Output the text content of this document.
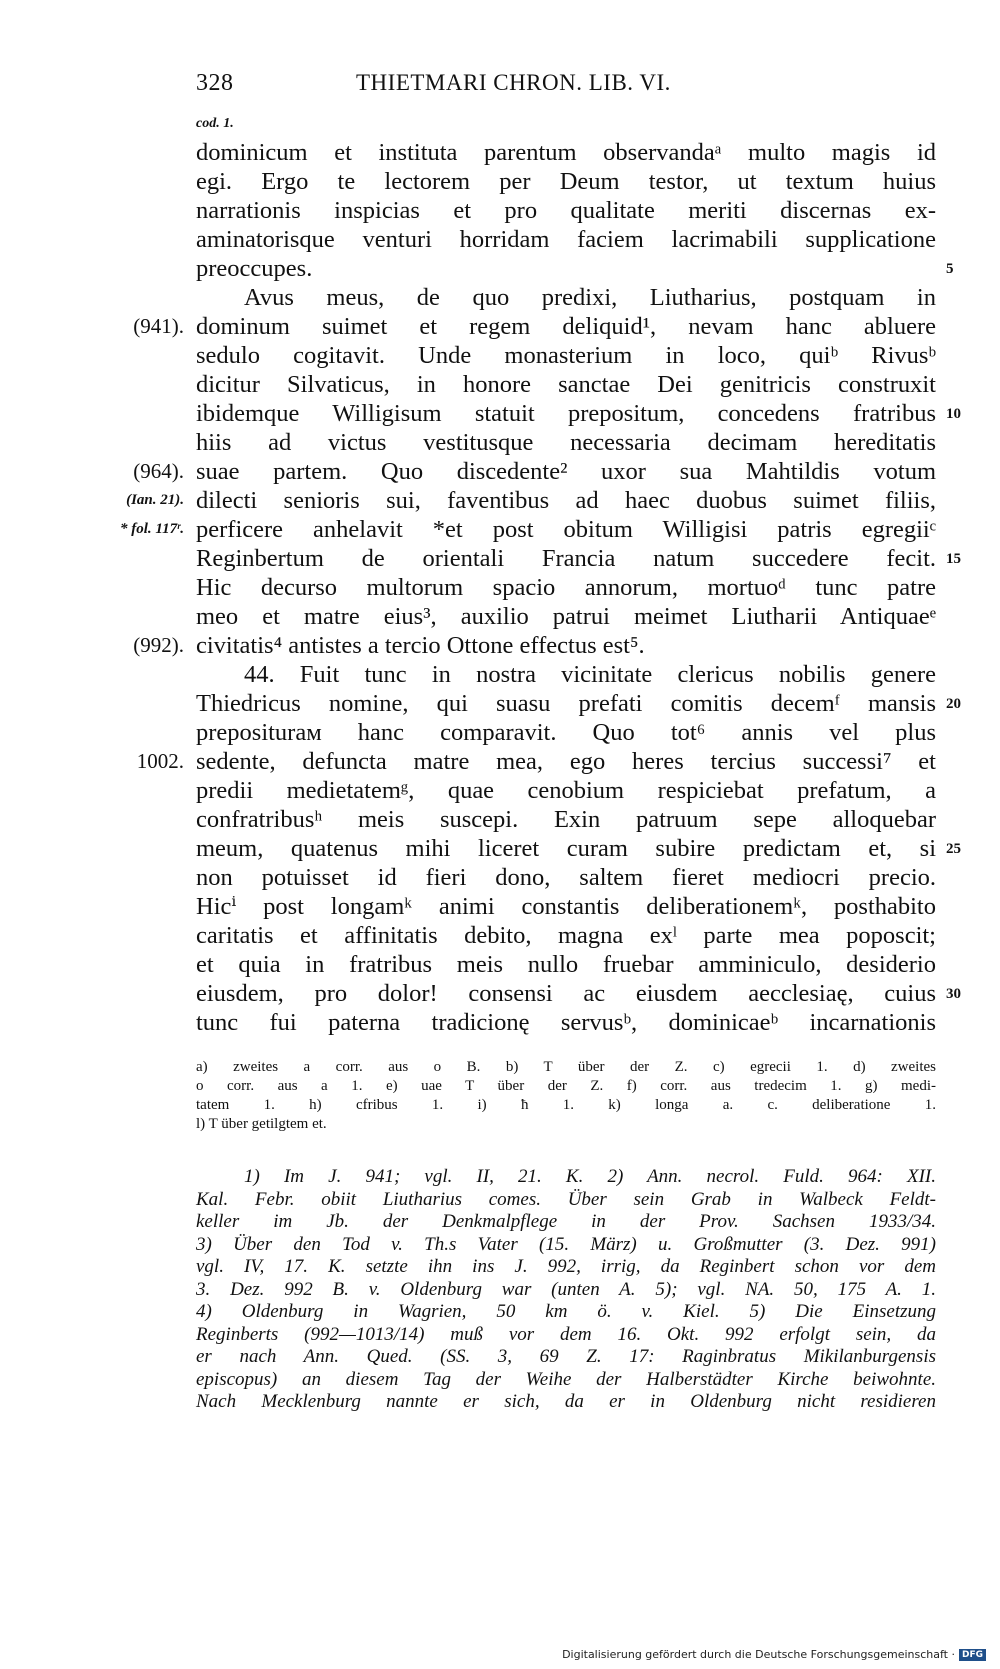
328	THIETMARI CHRON. LIB. VI.
cod. 1.
dominicum et instituta parentum observandaᵃ multo magis id
egi. Ergo te lectorem per Deum testor, ut textum huius
narrationis inspicias et pro qualitate meriti discernas ex-
aminatorisque venturi horridam faciem lacrimabili supplicatione
preoccupes.	5
Avus meus, de quo predixi, Liutharius, postquam in
dominum suimet et regem deliquid¹, nevam hanc abluere
(941).
sedulo cogitavit. Unde monasterium in loco, quiᵇ Rivusᵇ
dicitur Silvaticus, in honore sanctae Dei genitricis construxit
ibidemque Willigisum statuit prepositum, concedens fratribus 10
hiis ad victus vestitusque necessaria decimam hereditatis
suae partem. Quo discedente² uxor sua Mahtildis votum
(964).
dilecti senioris sui, faventibus ad haec duobus suimet filiis,
(Ian. 21).
perficere anhelavit *et post obitum Willigisi patris egregiiᶜ
* fol. 117ʳ.
Reginbertum de orientali Francia natum succedere fecit. 15
Hic decurso multorum spacio annorum, mortuoᵈ tunc patre
meo et matre eius³, auxilio patrui meimet Liutharii Antiquaeᵉ
civitatis⁴ antistes a tercio Ottone effectus est⁵.
(992).
44. Fuit tunc in nostra vicinitate clericus nobilis genere
Thiedricus nomine, qui suasu prefati comitis decemᶠ mansis 20
prepositurам hanc comparavit. Quo tot⁶ annis vel plus
sedente, defuncta matre mea, ego heres tercius successi⁷ et
1002.
predii medietatemᵍ, quae cenobium respiciebat prefatum, a
confratribusʰ meis suscepi. Exin patruum sepe alloquebar
meum, quatenus mihi liceret curam subire predictam et, si 25
non potuisset id fieri dono, saltem fieret mediocri precio.
Hicⁱ post longamᵏ animi constantis deliberationemᵏ, posthabito
caritatis et affinitatis debito, magna exˡ parte mea poposcit;
et quia in fratribus meis nullo fruebar amminiculo, desiderio
eiusdem, pro dolor! consensi ac eiusdem aecclesiaę, cuius 30
tunc fui paterna tradicionę servusᵇ, dominicaeᵇ incarnationis
a) zweites a corr. aus o B. b) T über der Z. c) egrecii 1. d) zweites
o corr. aus a 1. e) uae T über der Z. f) corr. aus tredecim 1. g) medi-
tatem 1. h) cfribus 1. i) ħ 1. k) longa a. c. deliberatione 1.
l) T über getilgtem et.
1) Im J. 941; vgl. II, 21. K. 2) Ann. necrol. Fuld. 964: XII.
Kal. Febr. obiit Liutharius comes. Über sein Grab in Walbeck Feldt-
keller im Jb. der Denkmalpflege in der Prov. Sachsen 1933/34.
3) Über den Tod v. Th.s Vater (15. März) u. Großmutter (3. Dez. 991)
vgl. IV, 17. K. setzte ihn ins J. 992, irrig, da Reginbert schon vor dem
3. Dez. 992 B. v. Oldenburg war (unten A. 5); vgl. NA. 50, 175 A. 1.
4) Oldenburg in Wagrien, 50 km ö. v. Kiel. 5) Die Einsetzung
Reginberts (992—1013/14) muß vor dem 16. Okt. 992 erfolgt sein, da
er nach Ann. Qued. (SS. 3, 69 Z. 17: Raginbratus Mikilanburgensis
episcopus) an diesem Tag der Weihe der Halberstädter Kirche beiwohnte.
Nach Mecklenburg nannte er sich, da er in Oldenburg nicht residieren
Digitalisierung gefördert durch die Deutsche Forschungsgemeinschaft · DFG
